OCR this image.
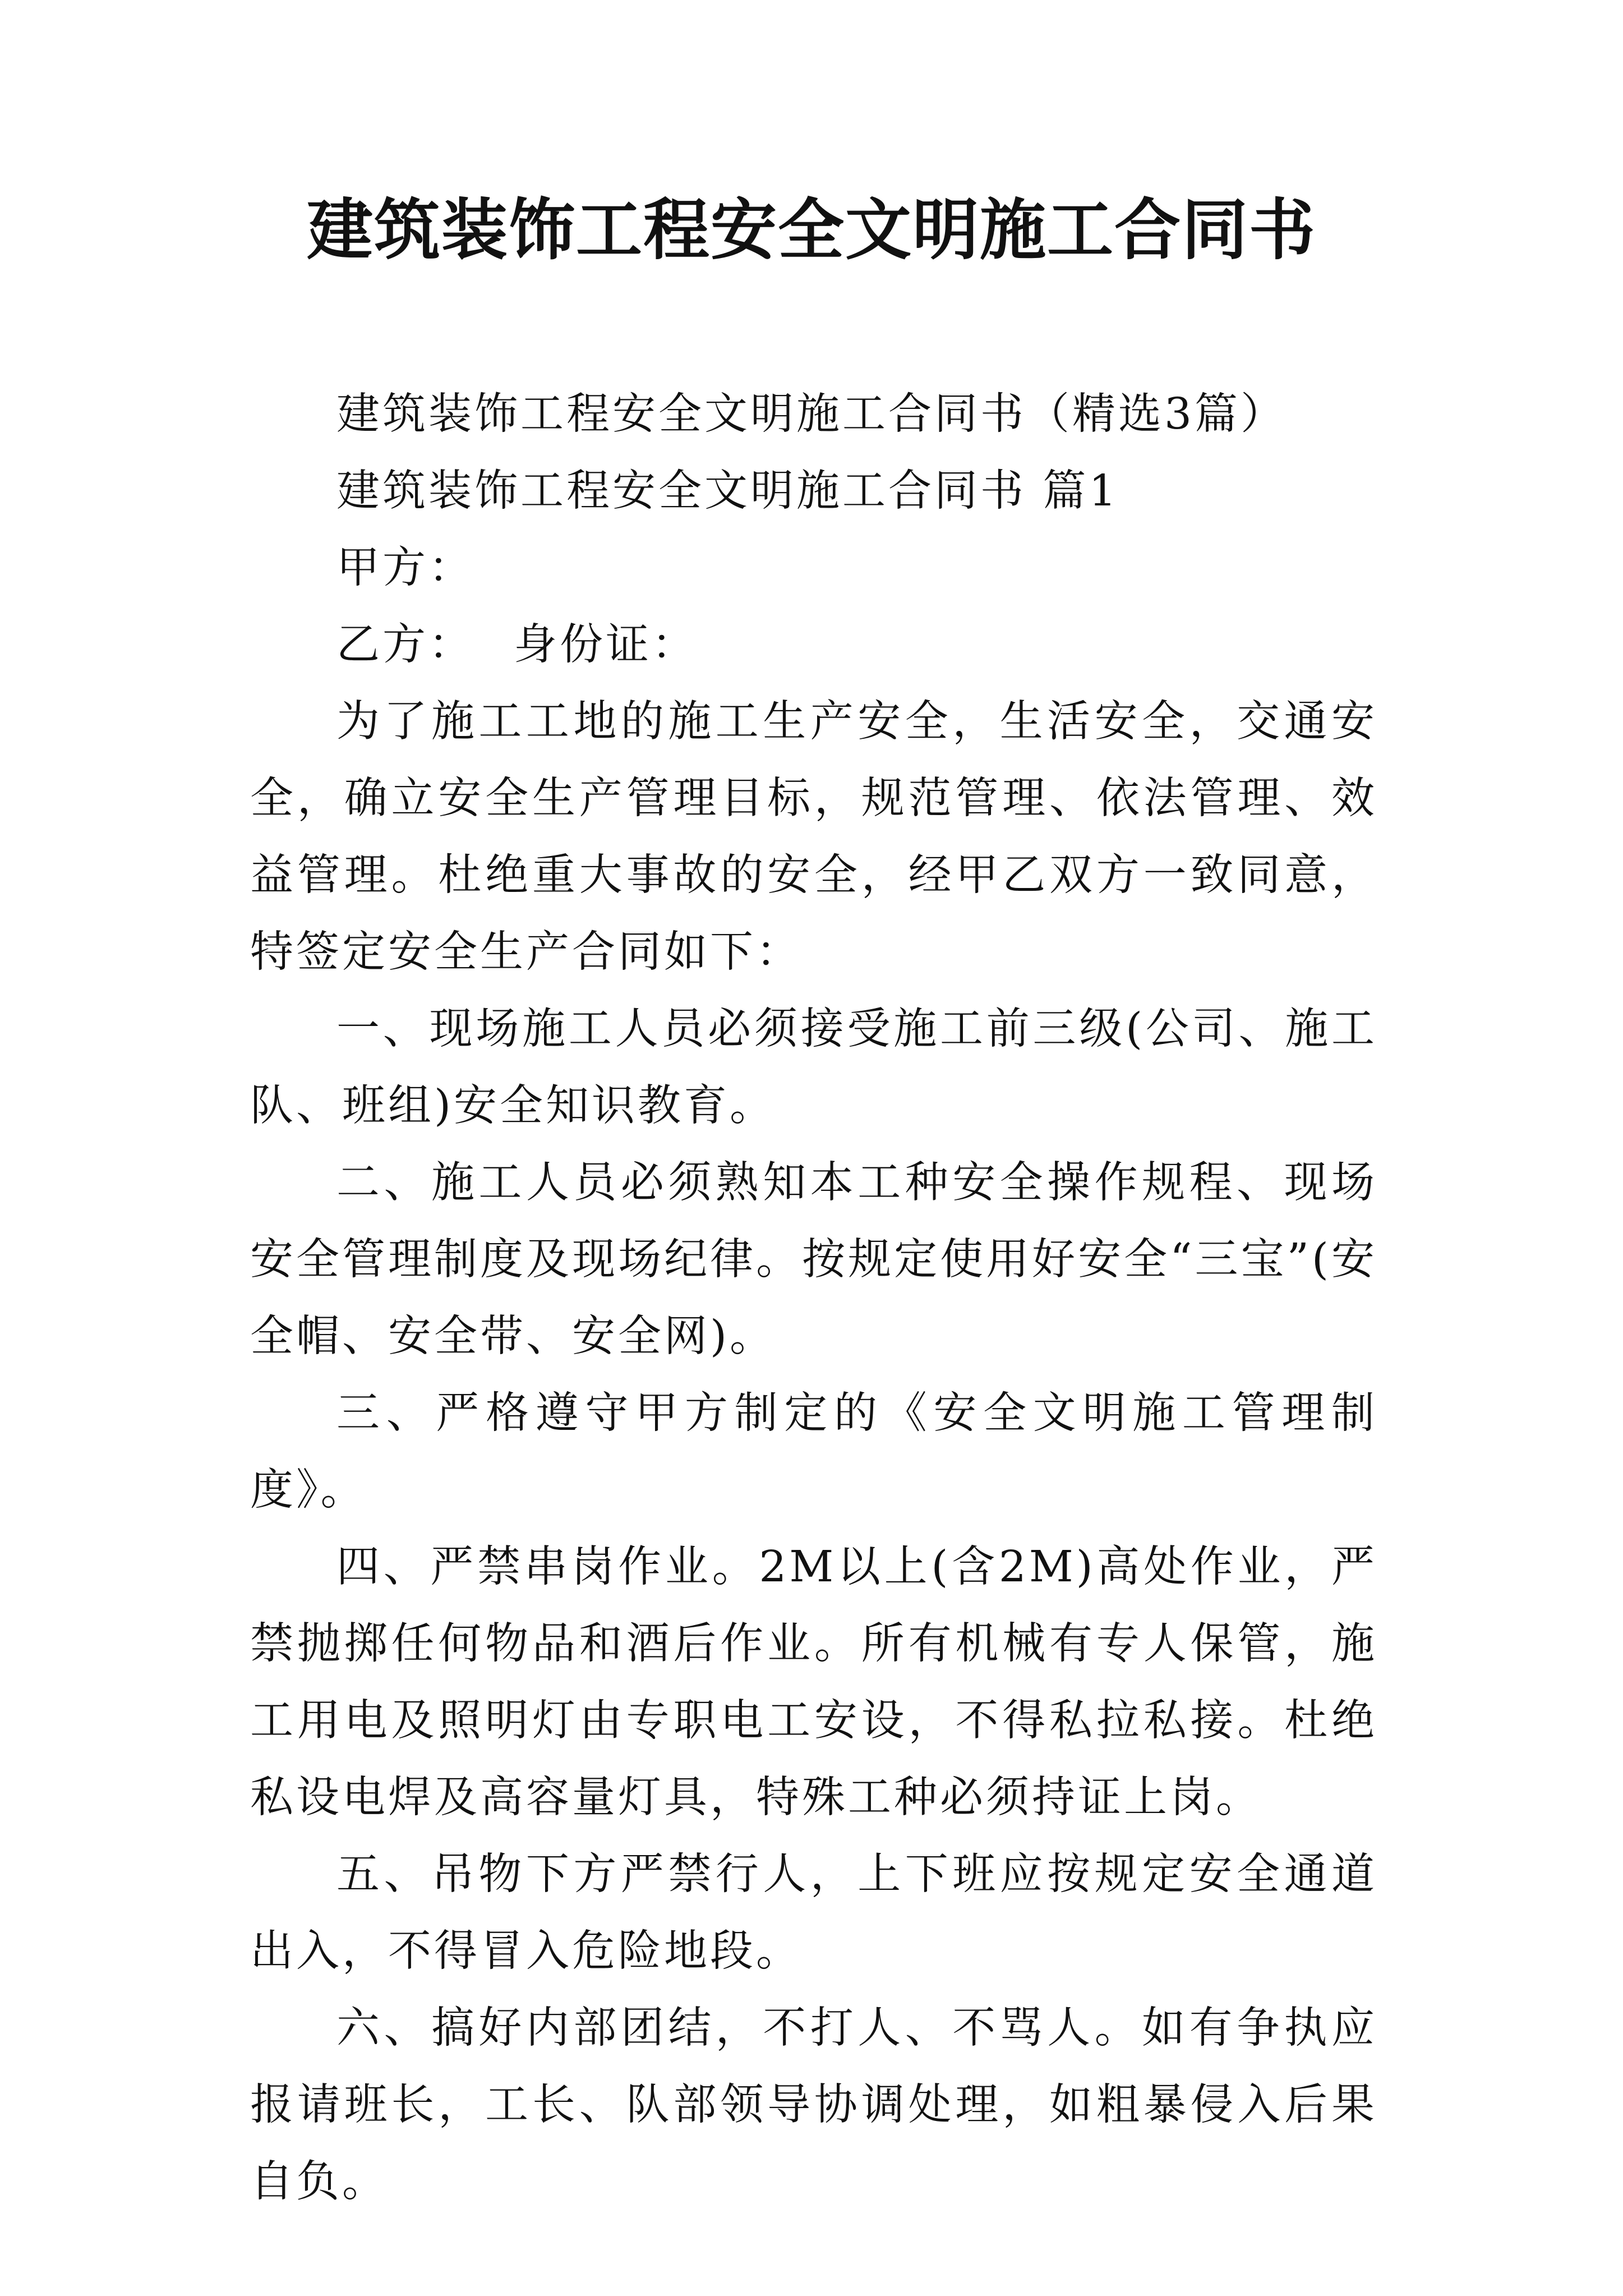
建筑装饰工程安全文明施工合同书

建筑装饰工程安全文明施工合同书（精选3篇）

建筑装饰工程安全文明施工合同书 篇1

甲方：

乙方： 身份证：

为了施工工地的施工生产安全，生活安全，交通安全，确立安全生产管理目标，规范管理、依法管理、效益管理。杜绝重大事故的安全，经甲乙双方一致同意，特签定安全生产合同如下：

一、现场施工人员必须接受施工前三级(公司、施工队、班组)安全知识教育。

二、施工人员必须熟知本工种安全操作规程、现场安全管理制度及现场纪律。按规定使用好安全“三宝”(安全帽、安全带、安全网)。

三、严格遵守甲方制定的《安全文明施工管理制度》。

四、严禁串岗作业。2M以上(含2M)高处作业，严禁抛掷任何物品和酒后作业。所有机械有专人保管，施工用电及照明灯由专职电工安设，不得私拉私接。杜绝私设电焊及高容量灯具，特殊工种必须持证上岗。

五、吊物下方严禁行人，上下班应按规定安全通道出入，不得冒入危险地段。

六、搞好内部团结，不打人、不骂人。如有争执应报请班长，工长、队部领导协调处理，如粗暴侵入后果自负。
